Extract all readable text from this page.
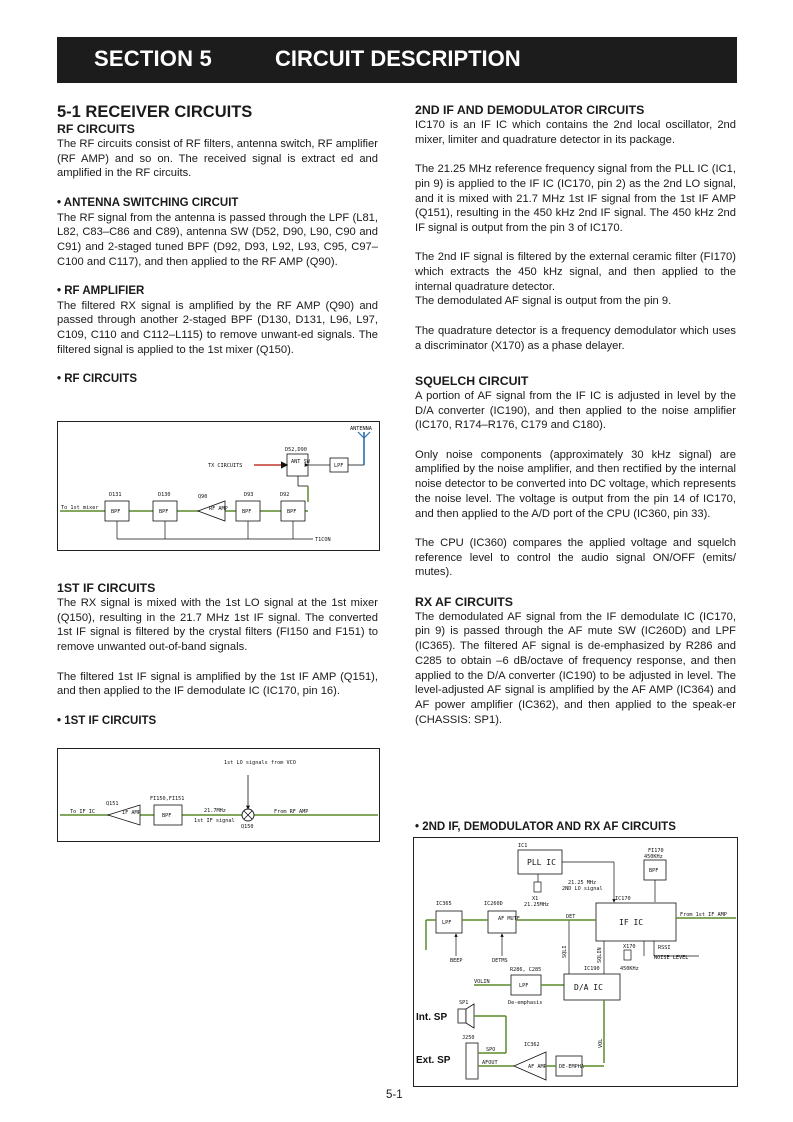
SECTION 5	CIRCUIT DESCRIPTION
5-1 RECEIVER CIRCUITS
RF CIRCUITS

The RF circuits consist of RF filters, antenna switch, RF amplifier (RF AMP) and so on. The received signal is extract ed and amplified in the RF circuits.

• ANTENNA SWITCHING CIRCUIT

The RF signal from the antenna is passed through the LPF (L81, L82, C83–C86 and C89), antenna SW (D52, D90, L90, C90 and C91) and 2-staged tuned BPF (D92, D93, L92, L93, C95, C97–C100 and C117), and then applied to the RF AMP (Q90).

• RF AMPLIFIER

The filtered RX signal is amplified by the RF AMP (Q90) and passed through another 2-staged BPF (D130, D131, L96, L97, C109, C110 and C112–L115) to remove unwant-ed signals. The filtered signal is applied to the 1st mixer (Q150).

• RF CIRCUITS
ANTENNA
LPF
D52,D90
ANT SW
TX CIRCUITS
To 1st mixer
D131
BPF
D130
BPF
Q90
RF AMP
D93
BPF
D92
BPF
T1CON
1ST IF CIRCUITS

The RX signal is mixed with the 1st LO signal at the 1st mixer (Q150), resulting in the 21.7 MHz 1st IF signal. The converted 1st IF signal is filtered by the crystal filters (FI150 and F151) to remove unwanted out-of-band signals.

The filtered 1st IF signal is amplified by the 1st IF AMP (Q151), and then applied to the IF demodulate IC (IC170, pin 16).

• 1ST IF CIRCUITS
1st LO signals from VCO
To IF IC
Q151
IF AMP
FI150,FI151
BPF
21.7MHz
1st IF signal
Q150
From RF AMP
2ND IF AND DEMODULATOR CIRCUITS

IC170 is an IF IC which contains the 2nd local oscillator, 2nd mixer, limiter and quadrature detector in its package.

The 21.25 MHz reference frequency signal from the PLL IC (IC1, pin 9) is applied to the IF IC (IC170, pin 2) as the 2nd LO signal, and it is mixed with 21.7 MHz 1st IF signal from the 1st IF AMP (Q151), resulting in the 450 kHz 2nd IF signal. The 450 kHz 2nd IF signal is output from the pin 3 of IC170.

The 2nd IF signal is filtered by the external ceramic filter (FI170) which extracts the 450 kHz signal, and then applied to the internal quadrature detector.

The demodulated AF signal is output from the pin 9.

The quadrature detector is a frequency demodulator which uses a discriminator (X170) as a phase delayer.

SQUELCH CIRCUIT

A portion of AF signal from the IF IC is adjusted in level by the D/A converter (IC190), and then applied to the noise amplifier (IC170, R174–R176, C179 and C180).

Only noise components (approximately 30 kHz signal) are amplified by the noise amplifier, and then rectified by the internal noise detector to be converted into DC voltage, which represents the noise level. The voltage is output from the pin 14 of IC170, and then applied to the A/D port of the CPU (IC360, pin 33).

The CPU (IC360) compares the applied voltage and squelch reference level to control the audio signal ON/OFF (emits/ mutes).

RX AF CIRCUITS

The demodulated AF signal from the IF demodulate IC (IC170, pin 9) is passed through the AF mute SW (IC260D) and LPF (IC365). The filtered AF signal is de-emphasized by R286 and C285 to obtain –6 dB/octave of frequency response, and then applied to the D/A converter (IC190) to be adjusted in level. The level-adjusted AF signal is amplified by the AF AMP (IC364) and AF power amplifier (IC362), and then applied to the speak-er (CHASSIS: SP1).

• 2ND IF, DEMODULATOR AND RX AF CIRCUITS
IC1
PLL IC
X1
21.25MHz
21.25 MHz
2ND LO signal
FI170
450KHz
BPF
IC170
IF IC
From 1st IF AMP
X170
450KHz
RSSI
NOISE LEVEL
SQLI	SQLIN
IC365
LPF
IC260D
AF MUTE	DET
BEEP	DETMS
R286, C285
LPF
De-emphasis
VOLIN
IC190
D/A IC
VOL
SP1
Int. SP
J250
Ext. SP
SPO
AFOUT
IC362
AF AMP DE-EMPHA
5-1
